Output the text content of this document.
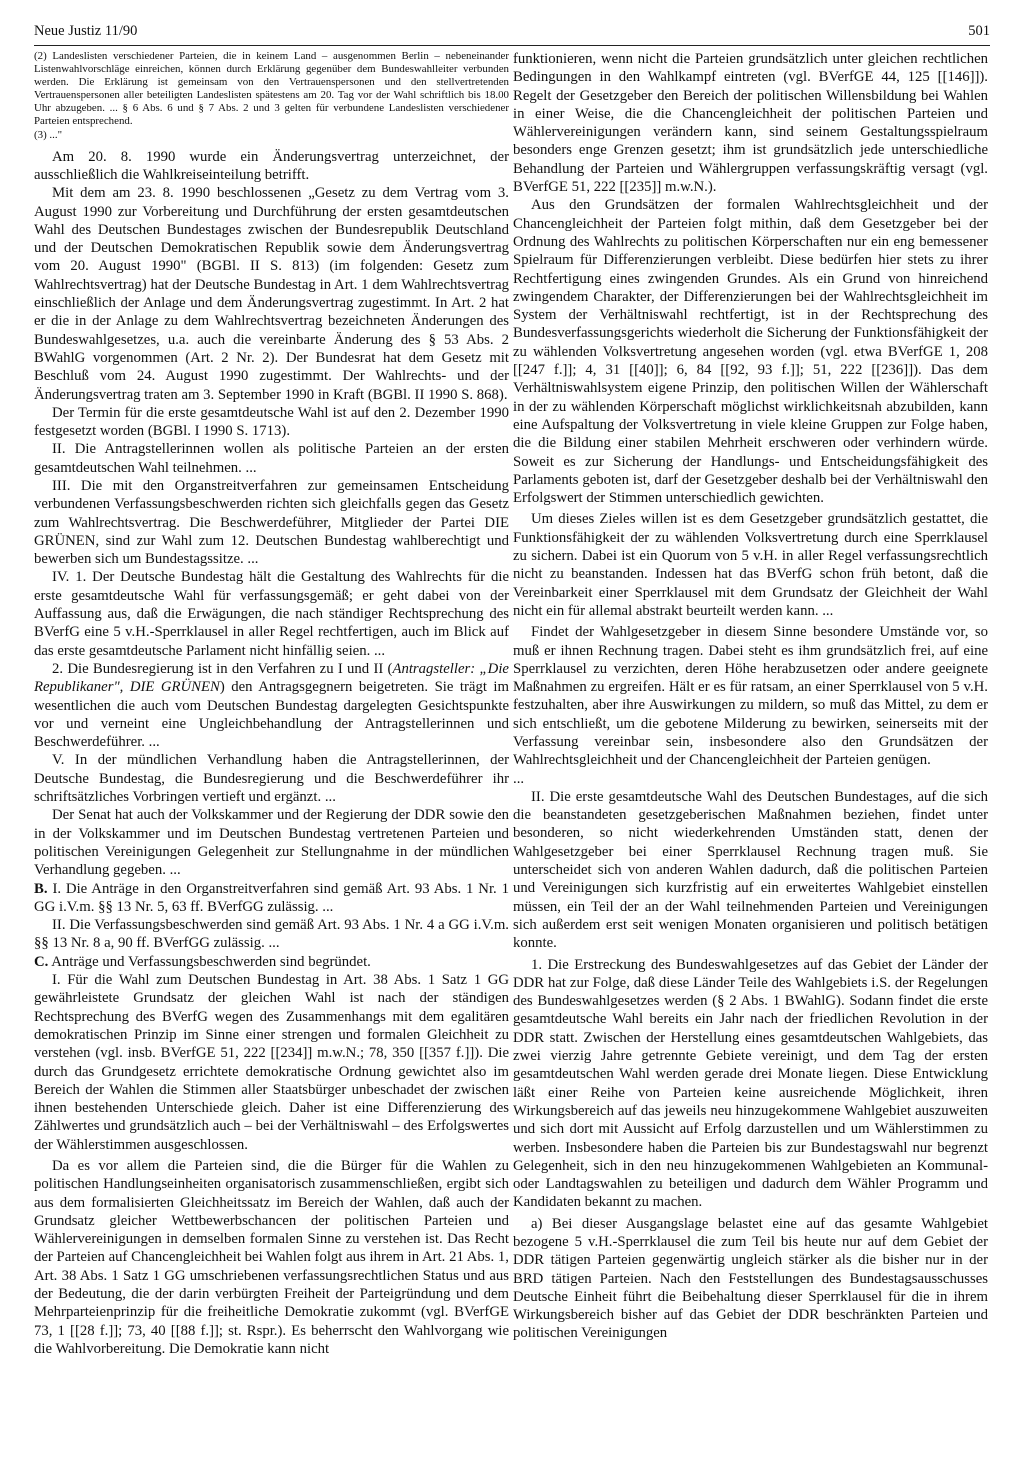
Neue Justiz 11/90	501

(2) Landeslisten verschiedener Parteien, die in keinem Land – ausgenommen Berlin – nebeneinander Listenwahlvorschläge einreichen, können durch Erklärung gegenüber dem Bundeswahlleiter verbunden werden. Die Erklärung ist gemeinsam von den Vertrauenspersonen und den stellvertretenden Vertrauenspersonen aller beteiligten Landeslisten spätestens am 20. Tag vor der Wahl schriftlich bis 18.00 Uhr abzugeben. ... § 6 Abs. 6 und § 7 Abs. 2 und 3 gelten für verbundene Landeslisten verschiedener Parteien entsprechend.

(3) ..."

Am 20. 8. 1990 wurde ein Änderungsvertrag unterzeichnet, der ausschließlich die Wahlkreiseinteilung betrifft.

Mit dem am 23. 8. 1990 beschlossenen „Gesetz zu dem Vertrag vom 3. August 1990 zur Vorbereitung und Durchführung der ersten gesamtdeutschen Wahl des Deutschen Bundestages zwischen der Bundesrepublik Deutschland und der Deutschen Demokratischen Republik sowie dem Änderungsvertrag vom 20. August 1990" (BGBl. II S. 813) (im folgenden: Gesetz zum Wahlrechtsvertrag) hat der Deutsche Bundestag in Art. 1 dem Wahlrechtsvertrag einschließlich der Anlage und dem Änderungsvertrag zugestimmt. In Art. 2 hat er die in der Anlage zu dem Wahlrechtsvertrag bezeichneten Änderungen des Bundeswahlgesetzes, u.a. auch die vereinbarte Änderung des § 53 Abs. 2 BWahlG vorgenommen (Art. 2 Nr. 2). Der Bundesrat hat dem Gesetz mit Beschluß vom 24. August 1990 zugestimmt. Der Wahlrechts- und der Änderungsvertrag traten am 3. September 1990 in Kraft (BGBl. II 1990 S. 868).

Der Termin für die erste gesamtdeutsche Wahl ist auf den 2. Dezember 1990 festgesetzt worden (BGBl. I 1990 S. 1713).

II. Die Antragstellerinnen wollen als politische Parteien an der ersten gesamtdeutschen Wahl teilnehmen. ...

III. Die mit den Organstreitverfahren zur gemeinsamen Entscheidung verbundenen Verfassungsbeschwerden richten sich gleichfalls gegen das Gesetz zum Wahlrechtsvertrag. Die Beschwerdeführer, Mitglieder der Partei DIE GRÜNEN, sind zur Wahl zum 12. Deutschen Bundestag wahlberechtigt und bewerben sich um Bundestagssitze. ...

IV. 1. Der Deutsche Bundestag hält die Gestaltung des Wahlrechts für die erste gesamtdeutsche Wahl für verfassungsgemäß; er geht dabei von der Auffassung aus, daß die Erwägungen, die nach ständiger Rechtsprechung des BVerfG eine 5 v.H.-Sperrklausel in aller Regel rechtfertigen, auch im Blick auf das erste gesamtdeutsche Parlament nicht hinfällig seien. ...

2. Die Bundesregierung ist in den Verfahren zu I und II (Antragsteller: „Die Republikaner", DIE GRÜNEN) den Antragsgegnern beigetreten. Sie trägt im wesentlichen die auch vom Deutschen Bundestag dargelegten Gesichtspunkte vor und verneint eine Ungleichbehandlung der Antragstellerinnen und Beschwerdeführer. ...

V. In der mündlichen Verhandlung haben die Antragstellerinnen, der Deutsche Bundestag, die Bundesregierung und die Beschwerdeführer ihr schriftsätzliches Vorbringen vertieft und ergänzt. ...

Der Senat hat auch der Volkskammer und der Regierung der DDR sowie den in der Volkskammer und im Deutschen Bundestag vertretenen Parteien und politischen Vereinigungen Gelegenheit zur Stellungnahme in der mündlichen Verhandlung gegeben. ...

B. I. Die Anträge in den Organstreitverfahren sind gemäß Art. 93 Abs. 1 Nr. 1 GG i.V.m. §§ 13 Nr. 5, 63 ff. BVerfGG zulässig. ...

II. Die Verfassungsbeschwerden sind gemäß Art. 93 Abs. 1 Nr. 4 a GG i.V.m. §§ 13 Nr. 8 a, 90 ff. BVerfGG zulässig. ...

C. Anträge und Verfassungsbeschwerden sind begründet.

I. Für die Wahl zum Deutschen Bundestag in Art. 38 Abs. 1 Satz 1 GG gewährleistete Grundsatz der gleichen Wahl ist nach der ständigen Rechtsprechung des BVerfG wegen des Zusammenhangs mit dem egalitären demokratischen Prinzip im Sinne einer strengen und formalen Gleichheit zu verstehen (vgl. insb. BVerfGE 51, 222 [[234]] m.w.N.; 78, 350 [[357 f.]]). Die durch das Grundgesetz errichtete demokratische Ordnung gewichtet also im Bereich der Wahlen die Stimmen aller Staatsbürger unbeschadet der zwischen ihnen bestehenden Unterschiede gleich. Daher ist eine Differenzierung des Zählwertes und grundsätzlich auch – bei der Verhältniswahl – des Erfolgswertes der Wählerstimmen ausgeschlossen.

Da es vor allem die Parteien sind, die die Bürger für die Wahlen zu politischen Handlungseinheiten organisatorisch zusammenschließen, ergibt sich aus dem formalisierten Gleichheitssatz im Bereich der Wahlen, daß auch der Grundsatz gleicher Wettbewerbschancen der politischen Parteien und Wählervereinigungen in demselben formalen Sinne zu verstehen ist. Das Recht der Parteien auf Chancengleichheit bei Wahlen folgt aus ihrem in Art. 21 Abs. 1, Art. 38 Abs. 1 Satz 1 GG umschriebenen verfassungsrechtlichen Status und aus der Bedeutung, die der darin verbürgten Freiheit der Parteigründung und dem Mehrparteienprinzip für die freiheitliche Demokratie zukommt (vgl. BVerfGE 73, 1 [[28 f.]]; 73, 40 [[88 f.]]; st. Rspr.). Es beherrscht den Wahlvorgang wie die Wahlvorbereitung. Die Demokratie kann nicht

funktionieren, wenn nicht die Parteien grundsätzlich unter gleichen rechtlichen Bedingungen in den Wahlkampf eintreten (vgl. BVerfGE 44, 125 [[146]]). Regelt der Gesetzgeber den Bereich der politischen Willensbildung bei Wahlen in einer Weise, die die Chancengleichheit der politischen Parteien und Wählervereinigungen verändern kann, sind seinem Gestaltungsspielraum besonders enge Grenzen gesetzt; ihm ist grundsätzlich jede unterschiedliche Behandlung der Parteien und Wählergruppen verfassungskräftig versagt (vgl. BVerfGE 51, 222 [[235]] m.w.N.).

Aus den Grundsätzen der formalen Wahlrechtsgleichheit und der Chancengleichheit der Parteien folgt mithin, daß dem Gesetzgeber bei der Ordnung des Wahlrechts zu politischen Körperschaften nur ein eng bemessener Spielraum für Differenzierungen verbleibt. Diese bedürfen hier stets zu ihrer Rechtfertigung eines zwingenden Grundes. Als ein Grund von hinreichend zwingendem Charakter, der Differenzierungen bei der Wahlrechtsgleichheit im System der Verhältniswahl rechtfertigt, ist in der Rechtsprechung des Bundesverfassungsgerichts wiederholt die Sicherung der Funktionsfähigkeit der zu wählenden Volksvertretung angesehen worden (vgl. etwa BVerfGE 1, 208 [[247 f.]]; 4, 31 [[40]]; 6, 84 [[92, 93 f.]]; 51, 222 [[236]]). Das dem Verhältniswahlsystem eigene Prinzip, den politischen Willen der Wählerschaft in der zu wählenden Körperschaft möglichst wirklichkeitsnah abzubilden, kann eine Aufspaltung der Volksvertretung in viele kleine Gruppen zur Folge haben, die die Bildung einer stabilen Mehrheit erschweren oder verhindern würde. Soweit es zur Sicherung der Handlungs- und Entscheidungsfähigkeit des Parlaments geboten ist, darf der Gesetzgeber deshalb bei der Verhältniswahl den Erfolgswert der Stimmen unterschiedlich gewichten.

Um dieses Zieles willen ist es dem Gesetzgeber grundsätzlich gestattet, die Funktionsfähigkeit der zu wählenden Volksvertretung durch eine Sperrklausel zu sichern. Dabei ist ein Quorum von 5 v.H. in aller Regel verfassungsrechtlich nicht zu beanstanden. Indessen hat das BVerfG schon früh betont, daß die Vereinbarkeit einer Sperrklausel mit dem Grundsatz der Gleichheit der Wahl nicht ein für allemal abstrakt beurteilt werden kann. ...

Findet der Wahlgesetzgeber in diesem Sinne besondere Umstände vor, so muß er ihnen Rechnung tragen. Dabei steht es ihm grundsätzlich frei, auf eine Sperrklausel zu verzichten, deren Höhe herabzusetzen oder andere geeignete Maßnahmen zu ergreifen. Hält er es für ratsam, an einer Sperrklausel von 5 v.H. festzuhalten, aber ihre Auswirkungen zu mildern, so muß das Mittel, zu dem er sich entschließt, um die gebotene Milderung zu bewirken, seinerseits mit der Verfassung vereinbar sein, insbesondere also den Grundsätzen der Wahlrechtsgleichheit und der Chancengleichheit der Parteien genügen.

...

II. Die erste gesamtdeutsche Wahl des Deutschen Bundestages, auf die sich die beanstandeten gesetzgeberischen Maßnahmen beziehen, findet unter besonderen, so nicht wiederkehrenden Umständen statt, denen der Wahlgesetzgeber bei einer Sperrklausel Rechnung tragen muß. Sie unterscheidet sich von anderen Wahlen dadurch, daß die politischen Parteien und Vereinigungen sich kurzfristig auf ein erweitertes Wahlgebiet einstellen müssen, ein Teil der an der Wahl teilnehmenden Parteien und Vereinigungen sich außerdem erst seit wenigen Monaten organisieren und politisch betätigen konnte.

1. Die Erstreckung des Bundeswahlgesetzes auf das Gebiet der Länder der DDR hat zur Folge, daß diese Länder Teile des Wahlgebiets i.S. der Regelungen des Bundeswahlgesetzes werden (§ 2 Abs. 1 BWahlG). Sodann findet die erste gesamtdeutsche Wahl bereits ein Jahr nach der friedlichen Revolution in der DDR statt. Zwischen der Herstellung eines gesamtdeutschen Wahlgebiets, das zwei vierzig Jahre getrennte Gebiete vereinigt, und dem Tag der ersten gesamtdeutschen Wahl werden gerade drei Monate liegen. Diese Entwicklung läßt einer Reihe von Parteien keine ausreichende Möglichkeit, ihren Wirkungsbereich auf das jeweils neu hinzugekommene Wahlgebiet auszuweiten und sich dort mit Aussicht auf Erfolg darzustellen und um Wählerstimmen zu werben. Insbesondere haben die Parteien bis zur Bundestagswahl nur begrenzt Gelegenheit, sich in den neu hinzugekommenen Wahlgebieten an Kommunal- oder Landtagswahlen zu beteiligen und dadurch dem Wähler Programm und Kandidaten bekannt zu machen.

a) Bei dieser Ausgangslage belastet eine auf das gesamte Wahlgebiet bezogene 5 v.H.-Sperrklausel die zum Teil bis heute nur auf dem Gebiet der DDR tätigen Parteien gegenwärtig ungleich stärker als die bisher nur in der BRD tätigen Parteien. Nach den Feststellungen des Bundestagsausschusses Deutsche Einheit führt die Beibehaltung dieser Sperrklausel für die in ihrem Wirkungsbereich bisher auf das Gebiet der DDR beschränkten Parteien und politischen Vereinigungen
